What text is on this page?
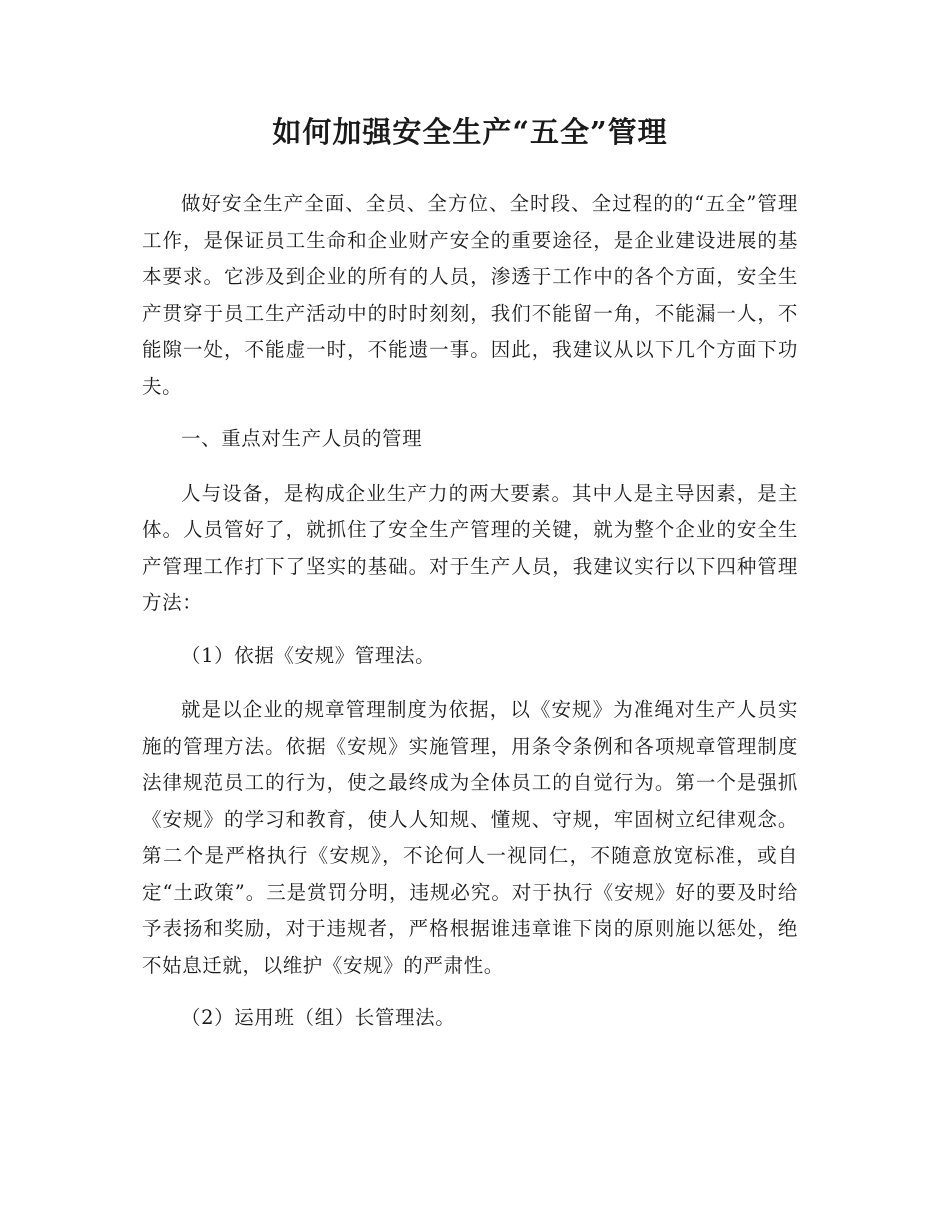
如何加强安全生产“五全”管理

做好安全生产全面、全员、全方位、全时段、全过程的的“五全”管理工作，是保证员工生命和企业财产安全的重要途径，是企业建设进展的基本要求。它涉及到企业的所有的人员，渗透于工作中的各个方面，安全生产贯穿于员工生产活动中的时时刻刻，我们不能留一角，不能漏一人，不能隙一处，不能虚一时，不能遗一事。因此，我建议从以下几个方面下功夫。

一、重点对生产人员的管理

人与设备，是构成企业生产力的两大要素。其中人是主导因素，是主体。人员管好了，就抓住了安全生产管理的关键，就为整个企业的安全生产管理工作打下了坚实的基础。对于生产人员，我建议实行以下四种管理方法：

（1）依据《安规》管理法。

就是以企业的规章管理制度为依据，以《安规》为准绳对生产人员实施的管理方法。依据《安规》实施管理，用条令条例和各项规章管理制度法律规范员工的行为，使之最终成为全体员工的自觉行为。第一个是强抓《安规》的学习和教育，使人人知规、懂规、守规，牢固树立纪律观念。第二个是严格执行《安规》，不论何人一视同仁，不随意放宽标准，或自定“土政策”。三是赏罚分明，违规必究。对于执行《安规》好的要及时给予表扬和奖励，对于违规者，严格根据谁违章谁下岗的原则施以惩处，绝不姑息迁就，以维护《安规》的严肃性。

（2）运用班（组）长管理法。
